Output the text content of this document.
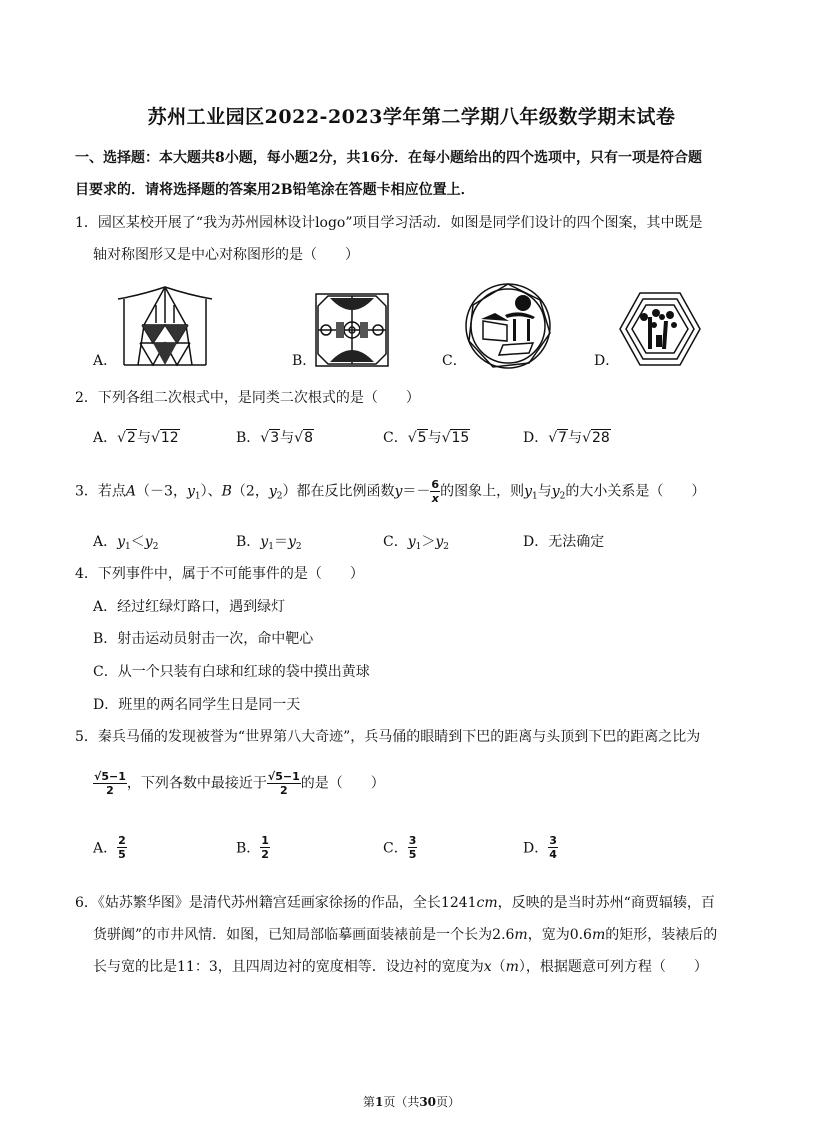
苏州工业园区2022-2023学年第二学期八年级数学期末试卷
一、选择题：本大题共8小题，每小题2分，共16分．在每小题给出的四个选项中，只有一项是符合题
目要求的．请将选择题的答案用2B铅笔涂在答题卡相应位置上．
1．园区某校开展了“我为苏州园林设计logo”项目学习活动．如图是同学们设计的四个图案，其中既是
轴对称图形又是中心对称图形的是（　　）
A．	B．	C．	D．
2．下列各组二次根式中，是同类二次根式的是（　　）
A．√2与√12	B．√3与√8	C．√5与√15	D．√7与√28
3．若点A（－3，$y_1$）、B（2，$y_2$）都在反比例函数$y=- \frac{6}{x}$ 的图象上，则$y_1$与$y_2$的大小关系是（　　）
A．$y_1<y_2$	B．$y_1=y_2$	C．$y_1>y_2$	D．无法确定
4．下列事件中，属于不可能事件的是（　　）
A．经过红绿灯路口，遇到绿灯
B．射击运动员射击一次，命中靶心
C．从一个只装有白球和红球的袋中摸出黄球
D．班里的两名同学生日是同一天
5．秦兵马俑的发现被誉为“世界第八大奇迹”，兵马俑的眼睛到下巴的距离与头顶到下巴的距离之比为
$\frac{√5-1}{2}$ ，下列各数中最接近于 $\frac{√5-1}{2}$ 的是（　　）
A． $\frac{2}{5}$	B． $\frac{1}{2}$	C． $\frac{3}{5}$	D． $\frac{3}{4}$
6．《姑苏繁华图》是清代苏州籍宫廷画家徐扬的作品，全长1241cm，反映的是当时苏州“商贾辐辏，百
货骈阗”的市井风情．如图，已知局部临摹画面装裱前是一个长为2.6m，宽为0.6m的矩形，装裱后的
长与宽的比是11：3，且四周边衬的宽度相等．设边衬的宽度为x（m），根据题意可列方程（　　）
第1页（共30页）
